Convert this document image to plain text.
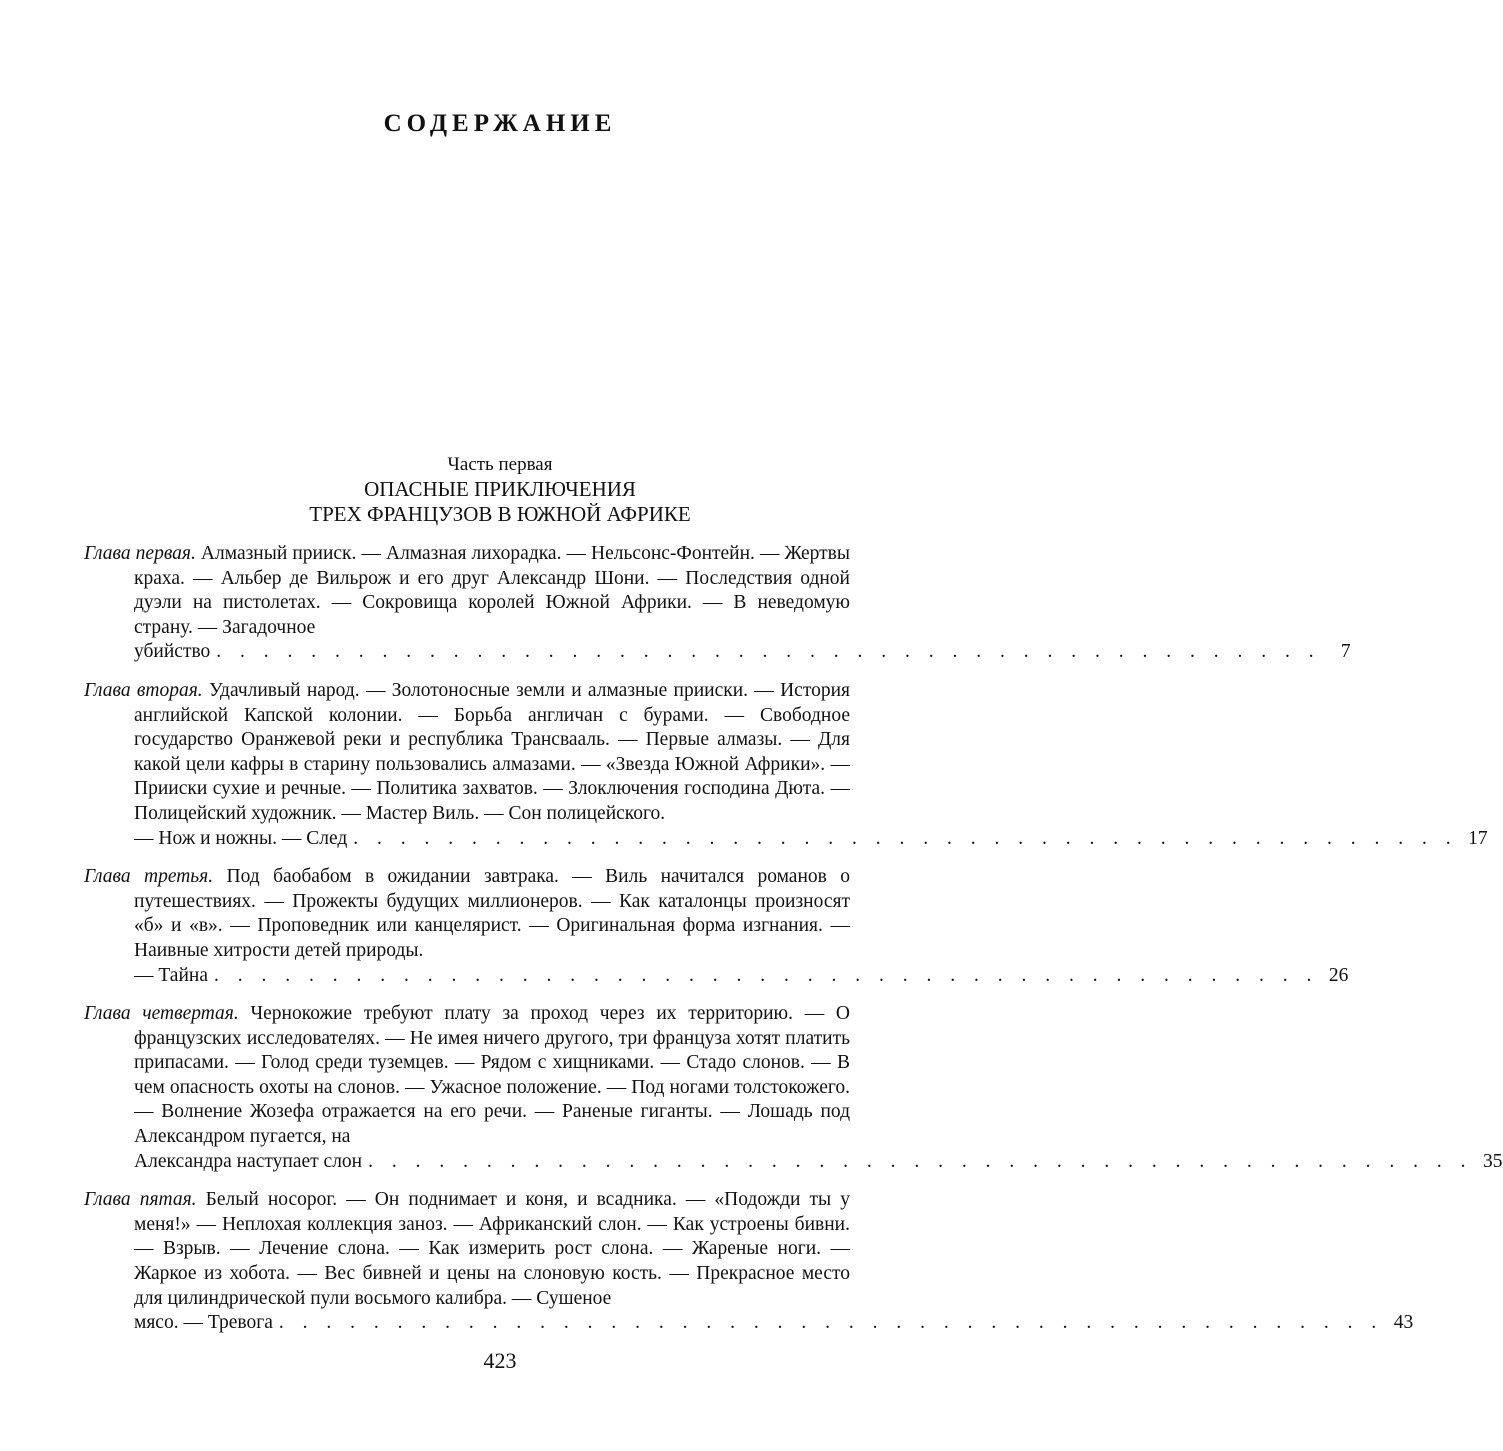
СОДЕРЖАНИЕ
Часть первая
ОПАСНЫЕ ПРИКЛЮЧЕНИЯ
ТРЕХ ФРАНЦУЗОВ В ЮЖНОЙ АФРИКЕ
Глава первая. Алмазный прииск. — Алмазная лихорадка. — Нельсонс-Фонтейн. — Жертвы краха. — Альбер де Вильрож и его друг Александр Шони. — Последствия одной дуэли на пистолетах. — Сокровища королей Южной Африки. — В неведомую страну. — Загадочное
убийство . . . . . . . . . . . . . . . . . . . . . . . . . . . . . . . . . . . . . . . . . . . . . . .	7
Глава вторая. Удачливый народ. — Золотоносные земли и алмазные прииски. — История английской Капской колонии. — Борьба англичан с бурами. — Свободное государство Оранжевой реки и республика Трансвааль. — Первые алмазы. — Для какой цели кафры в старину пользовались алмазами. — «Звезда Южной Африки». — Прииски сухие и речные. — Политика захватов. — Злоключения господина Дюта. — Полицейский художник. — Мастер Виль. — Сон полицейского.
— Нож и ножны. — След . . . . . . . . . . . . . . . . . . . . . . . . . . . . . . . . . . . . . . . . . . . . . . . 17
Глава третья. Под баобабом в ожидании завтрака. — Виль начитался романов о путешествиях. — Прожекты будущих миллионеров. — Как каталонцы произносят «б» и «в». — Проповедник или канцелярист. — Оригинальная форма изгнания. — Наивные хитрости детей природы.
— Тайна . . . . . . . . . . . . . . . . . . . . . . . . . . . . . . . . . . . . . . . . . . . . . . . 26
Глава четвертая. Чернокожие требуют плату за проход через их территорию. — О французских исследователях. — Не имея ничего другого, три француза хотят платить припасами. — Голод среди туземцев. — Рядом с хищниками. — Стадо слонов. — В чем опасность охоты на слонов. — Ужасное положение. — Под ногами толстокожего. — Волнение Жозефа отражается на его речи. — Раненые гиганты. — Лошадь под Александром пугается, на
Александра наступает слон . . . . . . . . . . . . . . . . . . . . . . . . . . . . . . . . . . . . . . . . . . . . . . . 35
Глава пятая. Белый носорог. — Он поднимает и коня, и всадника. — «Подожди ты у меня!» — Неплохая коллекция заноз. — Африканский слон. — Как устроены бивни. — Взрыв. — Лечение слона. — Как измерить рост слона. — Жареные ноги. — Жаркое из хобота. — Вес бивней и цены на слоновую кость. — Прекрасное место для цилиндрической пули восьмого калибра. — Сушеное
мясо. — Тревога . . . . . . . . . . . . . . . . . . . . . . . . . . . . . . . . . . . . . . . . . . . . . . . 43
423
